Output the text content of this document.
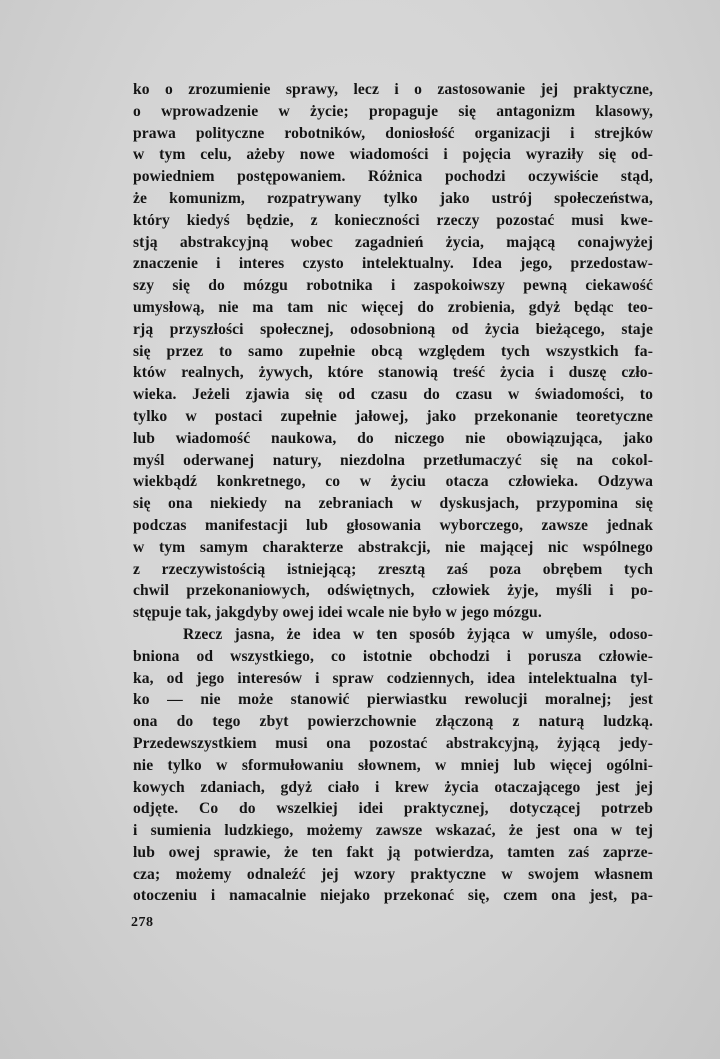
ko o zrozumienie sprawy, lecz i o zastosowanie jej praktyczne,
o wprowadzenie w życie; propaguje się antagonizm klasowy,
prawa polityczne robotników, doniosłość organizacji i strejków
w tym celu, ażeby nowe wiadomości i pojęcia wyraziły się od-
powiedniem postępowaniem. Różnica pochodzi oczywiście stąd,
że komunizm, rozpatrywany tylko jako ustrój społeczeństwa,
który kiedyś będzie, z konieczności rzeczy pozostać musi kwe-
stją abstrakcyjną wobec zagadnień życia, mającą conajwyżej
znaczenie i interes czysto intelektualny. Idea jego, przedostaw-
szy się do mózgu robotnika i zaspokoiwszy pewną ciekawość
umysłową, nie ma tam nic więcej do zrobienia, gdyż będąc teo-
rją przyszłości społecznej, odosobnioną od życia bieżącego, staje
się przez to samo zupełnie obcą względem tych wszystkich fa-
któw realnych, żywych, które stanowią treść życia i duszę czło-
wieka. Jeżeli zjawia się od czasu do czasu w świadomości, to
tylko w postaci zupełnie jałowej, jako przekonanie teoretyczne
lub wiadomość naukowa, do niczego nie obowiązująca, jako
myśl oderwanej natury, niezdolna przetłumaczyć się na cokol-
wiekbądź konkretnego, co w życiu otacza człowieka. Odzywa
się ona niekiedy na zebraniach w dyskusjach, przypomina się
podczas manifestacji lub głosowania wyborczego, zawsze jednak
w tym samym charakterze abstrakcji, nie mającej nic wspólnego
z rzeczywistością istniejącą; zresztą zaś poza obrębem tych
chwil przekonaniowych, odświętnych, człowiek żyje, myśli i po-
stępuje tak, jakgdyby owej idei wcale nie było w jego mózgu.
Rzecz jasna, że idea w ten sposób żyjąca w umyśle, odoso-
bniona od wszystkiego, co istotnie obchodzi i porusza człowie-
ka, od jego interesów i spraw codziennych, idea intelektualna tyl-
ko — nie może stanowić pierwiastku rewolucji moralnej; jest
ona do tego zbyt powierzchownie złączoną z naturą ludzką.
Przedewszystkiem musi ona pozostać abstrakcyjną, żyjącą jedy-
nie tylko w sformułowaniu słownem, w mniej lub więcej ogólni-
kowych zdaniach, gdyż ciało i krew życia otaczającego jest jej
odjęte. Co do wszelkiej idei praktycznej, dotyczącej potrzeb
i sumienia ludzkiego, możemy zawsze wskazać, że jest ona w tej
lub owej sprawie, że ten fakt ją potwierdza, tamten zaś zaprze-
cza; możemy odnaleźć jej wzory praktyczne w swojem własnem
otoczeniu i namacalnie niejako przekonać się, czem ona jest, pa-
278
